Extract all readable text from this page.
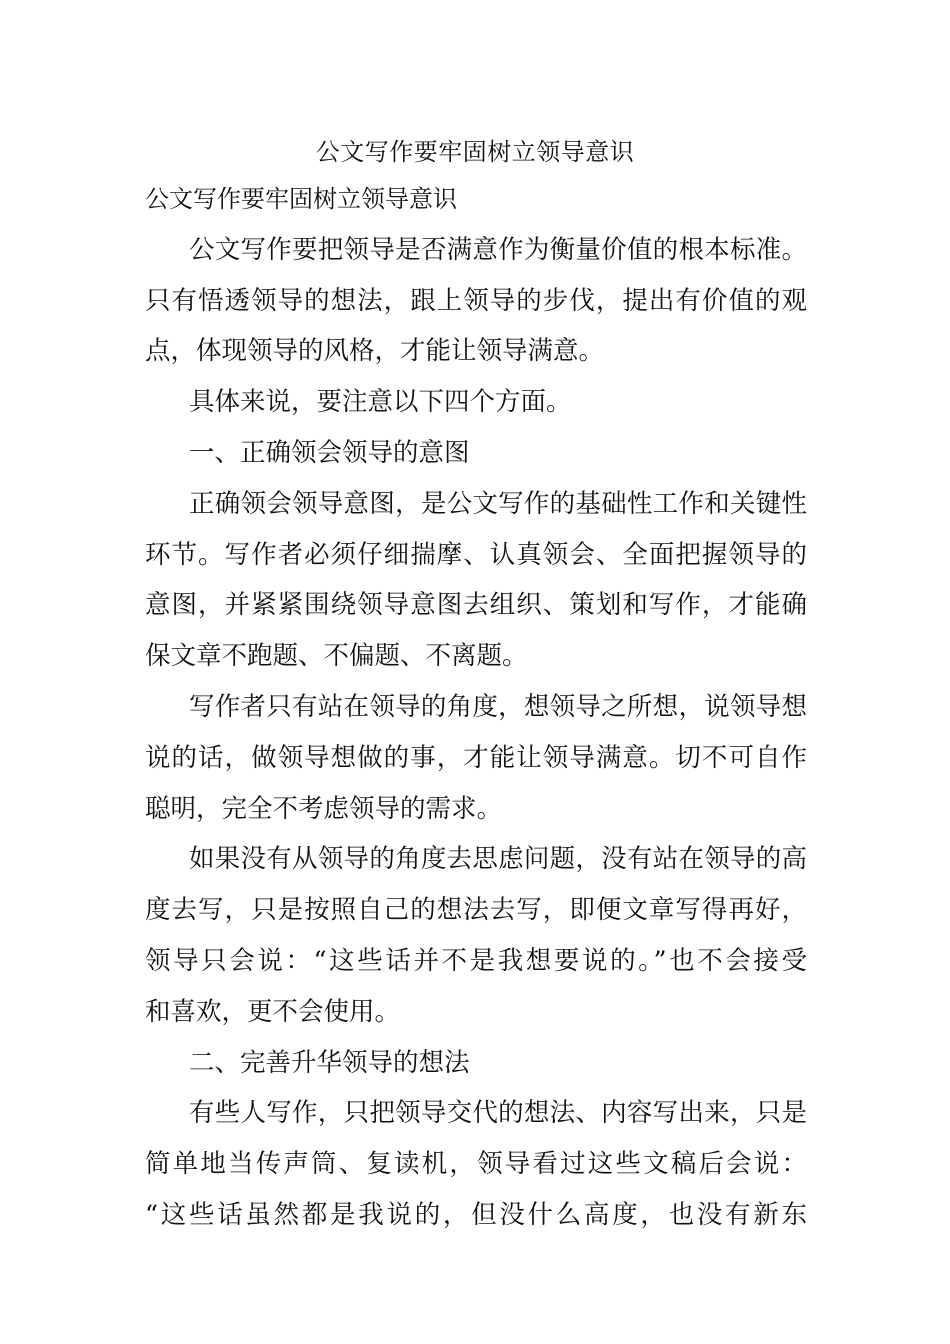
公文写作要牢固树立领导意识

公文写作要牢固树立领导意识

公文写作要把领导是否满意作为衡量价值的根本标准。

只有悟透领导的想法，跟上领导的步伐，提出有价值的观

点，体现领导的风格，才能让领导满意。

具体来说，要注意以下四个方面。

一、正确领会领导的意图

正确领会领导意图，是公文写作的基础性工作和关键性

环节。写作者必须仔细揣摩、认真领会、全面把握领导的

意图，并紧紧围绕领导意图去组织、策划和写作，才能确

保文章不跑题、不偏题、不离题。

写作者只有站在领导的角度，想领导之所想，说领导想

说的话，做领导想做的事，才能让领导满意。切不可自作

聪明，完全不考虑领导的需求。

如果没有从领导的角度去思虑问题，没有站在领导的高

度去写，只是按照自己的想法去写，即便文章写得再好，

领导只会说：“这些话并不是我想要说的。”也不会接受

和喜欢，更不会使用。

二、完善升华领导的想法

有些人写作，只把领导交代的想法、内容写出来，只是

简单地当传声筒、复读机，领导看过这些文稿后会说：

“这些话虽然都是我说的，但没什么高度，也没有新东
